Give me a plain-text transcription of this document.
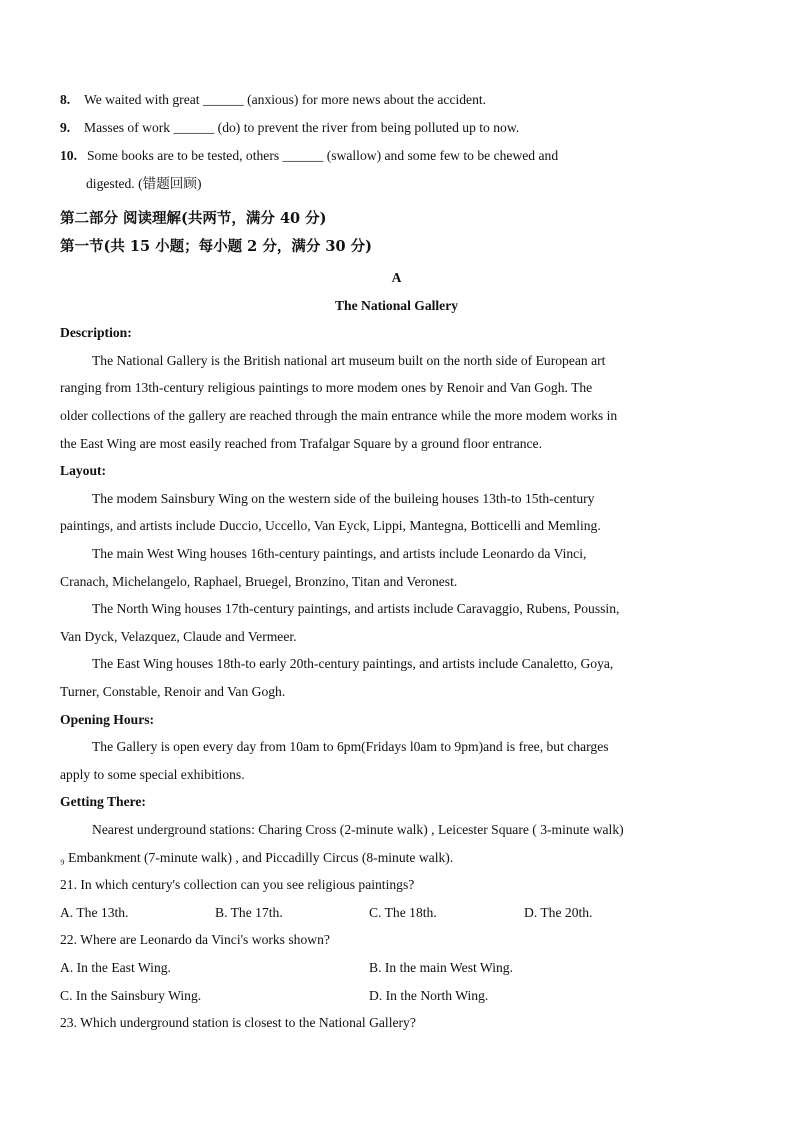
8. We waited with great ______ (anxious) for more news about the accident.
9. Masses of work ______ (do) to prevent the river from being polluted up to now.
10. Some books are to be tested, others ______ (swallow) and some few to be chewed and
digested. (错题回顾)
第二部分 阅读理解(共两节，满分 40 分)
第一节(共 15 小题；每小题 2 分，满分 30 分)
A
The National Gallery
Description:
The National Gallery is the British national art museum built on the north side of European art
ranging from 13th-century religious paintings to more modem ones by Renoir and Van Gogh. The
older collections of the gallery are reached through the main entrance while the more modem works in
the East Wing are most easily reached from Trafalgar Square by a ground floor entrance.
Layout:
The modem Sainsbury Wing on the western side of the buileing houses 13th-to 15th-century
paintings, and artists include Duccio, Uccello, Van Eyck, Lippi, Mantegna, Botticelli and Memling.
The main West Wing houses 16th-century paintings, and artists include Leonardo da Vinci,
Cranach, Michelangelo, Raphael, Bruegel, Bronzino, Titan and Veronest.
The North Wing houses 17th-century paintings, and artists include Caravaggio, Rubens, Poussin,
Van Dyck, Velazquez, Claude and Vermeer.
The East Wing houses 18th-to early 20th-century paintings, and artists include Canaletto, Goya,
Turner, Constable, Renoir and Van Gogh.
Opening Hours:
The Gallery is open every day from 10am to 6pm(Fridays l0am to 9pm)and is free, but charges
apply to some special exhibitions.
Getting There:
Nearest underground stations: Charing Cross (2-minute walk) , Leicester Square ( 3-minute walk)
₉ Embankment (7-minute walk) , and Piccadilly Circus (8-minute walk).
21. In which century's collection can you see religious paintings?
A. The 13th.	B. The 17th.	C. The 18th.	D. The 20th.
22. Where are Leonardo da Vinci's works shown?
A. In the East Wing.	B. In the main West Wing.
C. In the Sainsbury Wing.	D. In the North Wing.
23. Which underground station is closest to the National Gallery?
